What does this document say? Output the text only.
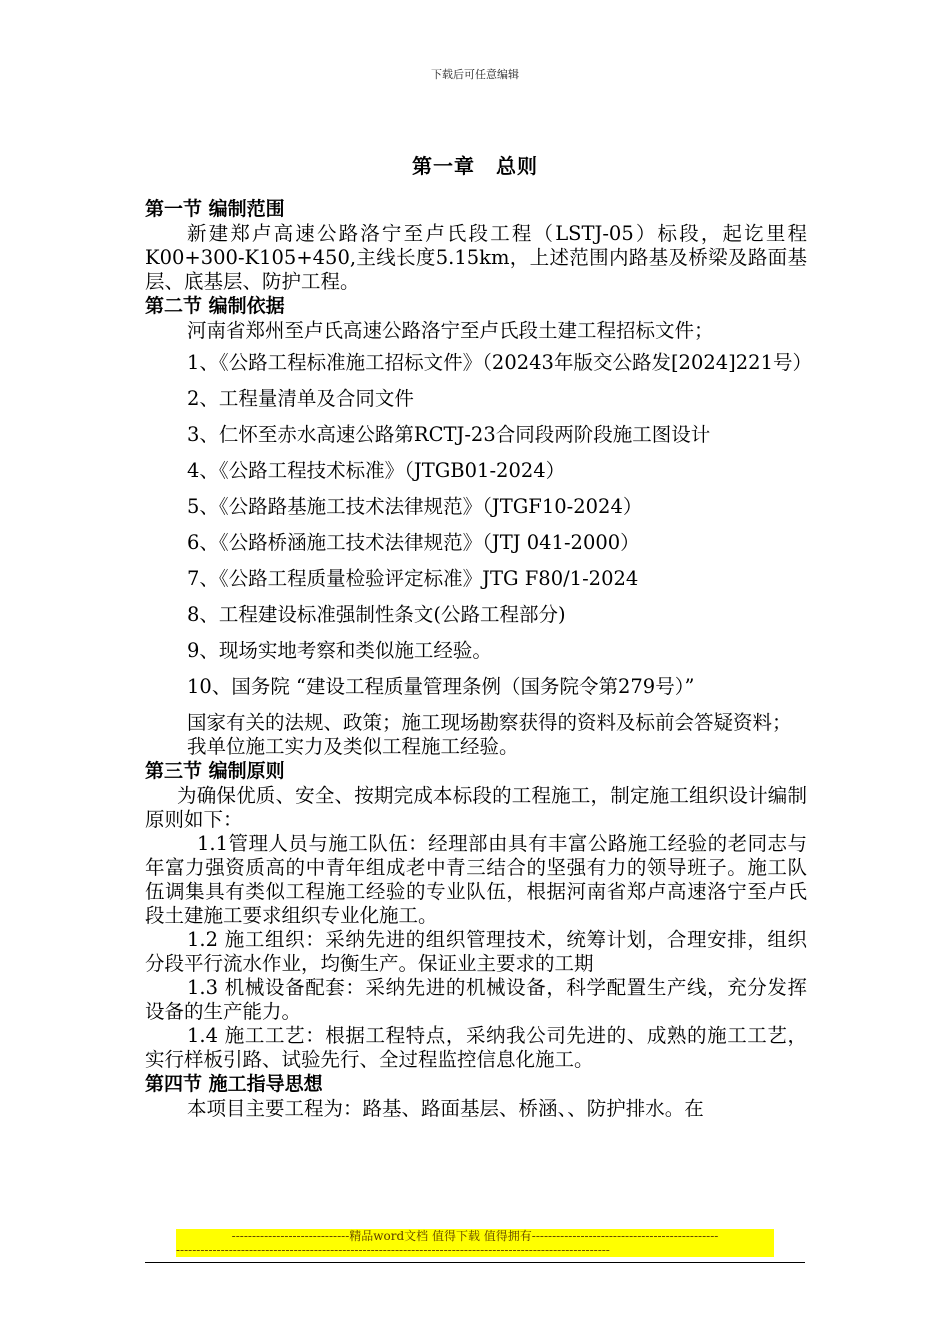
下载后可任意编辑
第一章　总则
第一节 编制范围

新建郑卢高速公路洛宁至卢氏段工程（LSTJ-05）标段，起讫里程K00+300-K105+450,主线长度5.15km，上述范围内路基及桥梁及路面基层、底基层、防护工程。

第二节 编制依据

河南省郑州至卢氏高速公路洛宁至卢氏段土建工程招标文件；

1、《公路工程标准施工招标文件》（20243年版交公路发[2024]221号）

2、工程量清单及合同文件

3、仁怀至赤水高速公路第RCTJ-23合同段两阶段施工图设计

4、《公路工程技术标准》（JTGB01-2024）

5、《公路路基施工技术法律规范》（JTGF10-2024）

6、《公路桥涵施工技术法律规范》（JTJ 041-2000）

7、《公路工程质量检验评定标准》JTG F80/1-2024

8、工程建设标准强制性条文(公路工程部分)

9、现场实地考察和类似施工经验。

10、国务院 “建设工程质量管理条例（国务院令第279号）”

国家有关的法规、政策；施工现场勘察获得的资料及标前会答疑资料；

我单位施工实力及类似工程施工经验。

第三节 编制原则

为确保优质、安全、按期完成本标段的工程施工，制定施工组织设计编制原则如下：

1.1管理人员与施工队伍：经理部由具有丰富公路施工经验的老同志与年富力强资质高的中青年组成老中青三结合的坚强有力的领导班子。施工队伍调集具有类似工程施工经验的专业队伍，根据河南省郑卢高速洛宁至卢氏段土建施工要求组织专业化施工。

1.2 施工组织：采纳先进的组织管理技术，统筹计划，合理安排，组织分段平行流水作业，均衡生产。保证业主要求的工期

1.3 机械设备配套：采纳先进的机械设备，科学配置生产线，充分发挥设备的生产能力。

1.4 施工工艺：根据工程特点，采纳我公司先进的、成熟的施工工艺，实行样板引路、试验先行、全过程监控信息化施工。

第四节 施工指导思想

本项目主要工程为：路基、路面基层、桥涵、、防护排水。在

-----------------------------精品word文档 值得下载 值得拥有----------------------------------------------
-----------------------------------------------------------------------------------------------------------
